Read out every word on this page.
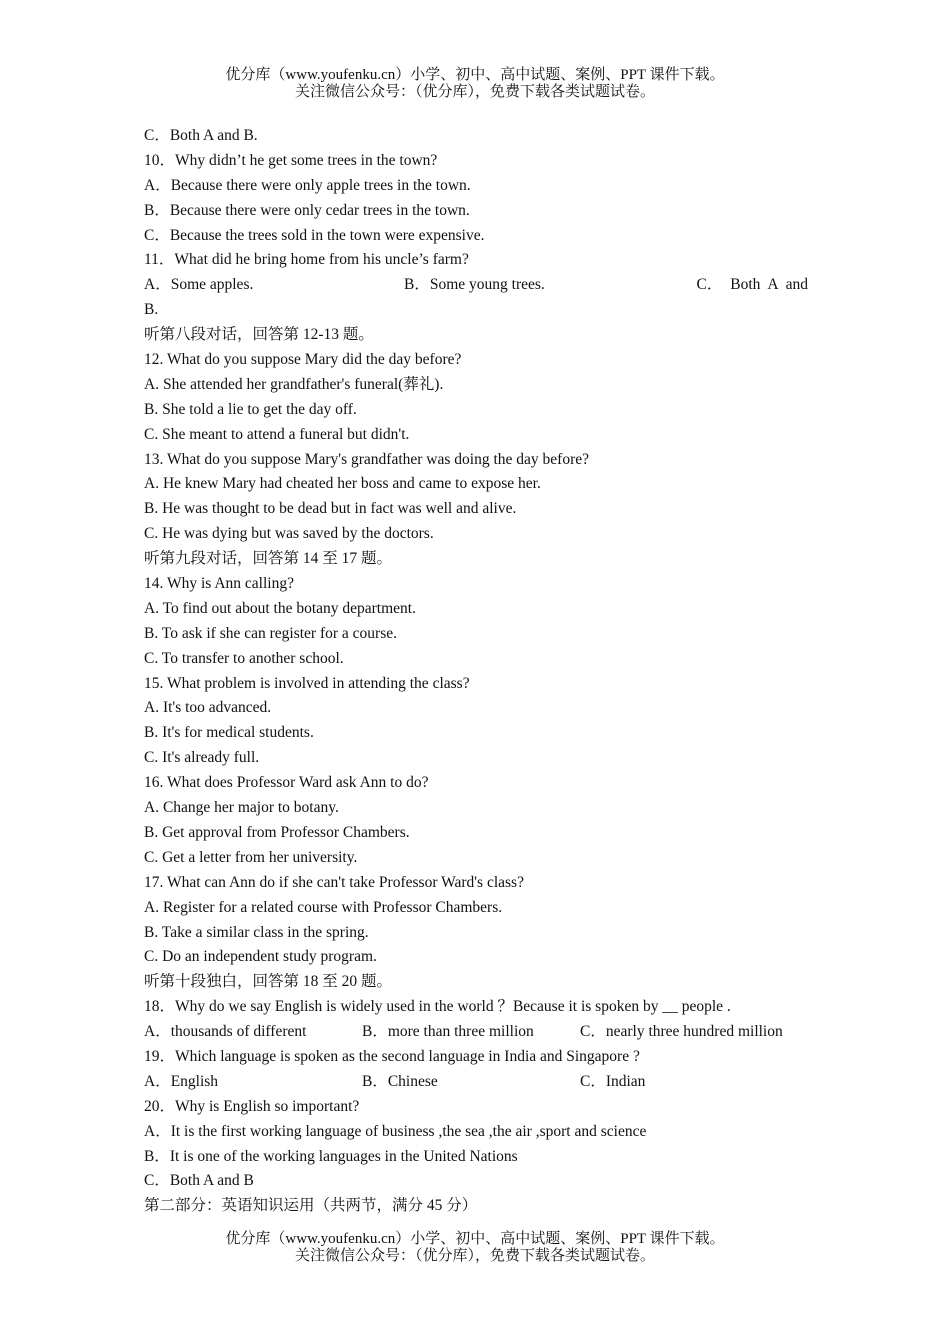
优分库（www.youfenku.cn）小学、初中、高中试题、案例、PPT 课件下载。
关注微信公众号：（优分库），免费下载各类试题试卷。
C．Both A and B.
10．Why didn’t he get some trees in the town?
A．Because there were only apple trees in the town.
B．Because there were only cedar trees in the town.
C．Because the trees sold in the town were expensive.
11．What did he bring home from his uncle’s farm?
A．Some apples.	B．Some young trees.	C． Both A and
B.
听第八段对话，回答第 12-13 题。
12. What do you suppose Mary did the day before?
A. She attended her grandfather's funeral(葬礼).
B. She told a lie to get the day off.
C. She meant to attend a funeral but didn't.
13. What do you suppose Mary's grandfather was doing the day before?
A. He knew Mary had cheated her boss and came to expose her.
B. He was thought to be dead but in fact was well and alive.
C. He was dying but was saved by the doctors.
听第九段对话，回答第 14 至 17 题。
14. Why is Ann calling?
A. To find out about the botany department.
B. To ask if she can register for a course.
C. To transfer to another school.
15. What problem is involved in attending the class?
A. It's too advanced.
B. It's for medical students.
C. It's already full.
16. What does Professor Ward ask Ann to do?
A. Change her major to botany.
B. Get approval from Professor Chambers.
C. Get a letter from her university.
17. What can Ann do if she can't take Professor Ward's class?
A. Register for a related course with Professor Chambers.
B. Take a similar class in the spring.
C. Do an independent study program.
听第十段独白，回答第 18 至 20 题。
18．Why do we say English is widely used in the world ？Because it is spoken by __ people .
A．thousands of different	B．more than three million	C．nearly three hundred million
19．Which language is spoken as the second language in India and Singapore ?
A．English	B．Chinese	C．Indian
20．Why is English so important?
A．It is the first working language of business ,the sea ,the air ,sport and science
B．It is one of the working languages in the United Nations
C．Both A and B
第二部分：英语知识运用（共两节，满分 45 分）
优分库（www.youfenku.cn）小学、初中、高中试题、案例、PPT 课件下载。
关注微信公众号：（优分库），免费下载各类试题试卷。
